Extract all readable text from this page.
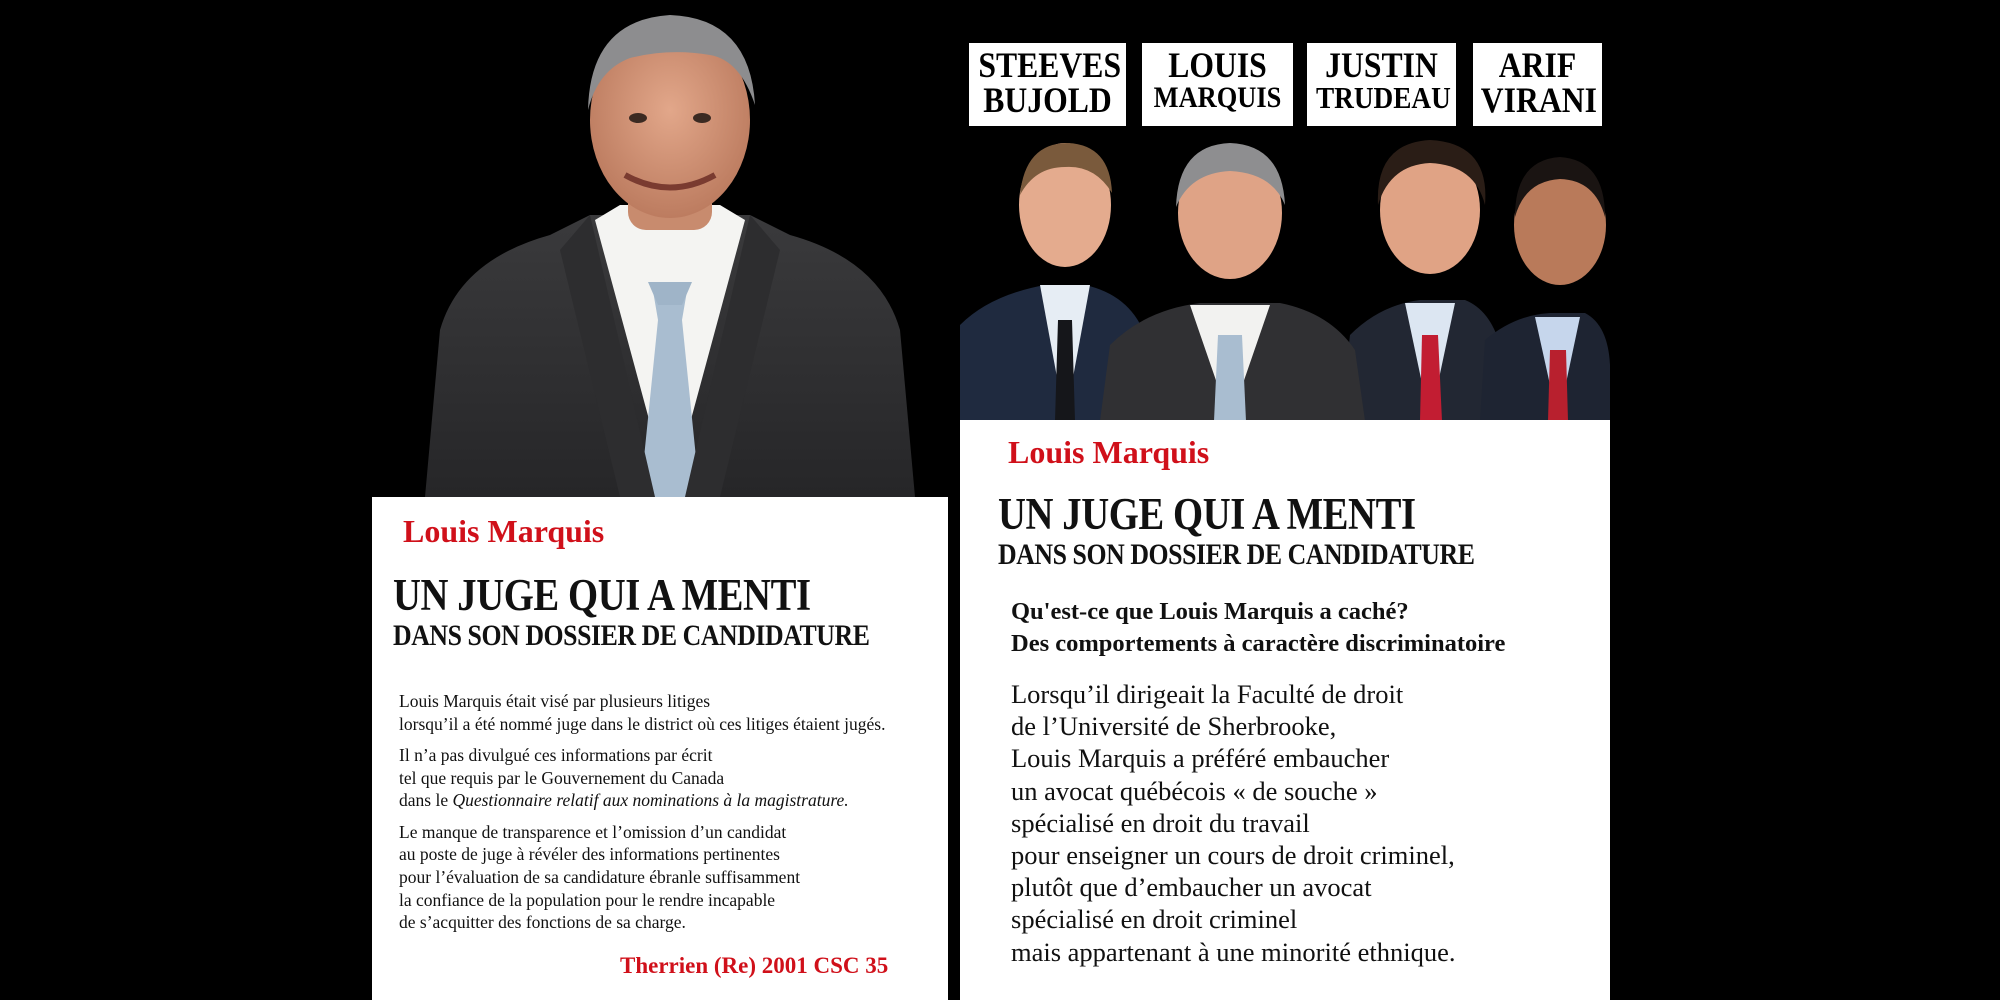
Louis Marquis
UN JUGE QUI A MENTI
DANS SON DOSSIER DE CANDIDATURE

Louis Marquis était visé par plusieurs litiges
lorsqu’il a été nommé juge dans le district où ces litiges étaient jugés.

Il n’a pas divulgué ces informations par écrit
tel que requis par le Gouvernement du Canada
dans le Questionnaire relatif aux nominations à la magistrature.

Le manque de transparence et l’omission d’un candidat
au poste de juge à révéler des informations pertinentes
pour l’évaluation de sa candidature ébranle suffisamment
la confiance de la population pour le rendre incapable
de s’acquitter des fonctions de sa charge.

Therrien (Re) 2001 CSC 35
STEEVES
BUJOLD
LOUIS
MARQUIS
JUSTIN
TRUDEAU
ARIF
VIRANI
Louis Marquis
UN JUGE QUI A MENTI
DANS SON DOSSIER DE CANDIDATURE
Qu'est-ce que Louis Marquis a caché?
Des comportements à caractère discriminatoire
Lorsqu’il dirigeait la Faculté de droit
de l’Université de Sherbrooke,
Louis Marquis a préféré embaucher
un avocat québécois « de souche »
spécialisé en droit du travail
pour enseigner un cours de droit criminel,
plutôt que d’embaucher un avocat
spécialisé en droit criminel
mais appartenant à une minorité ethnique.
